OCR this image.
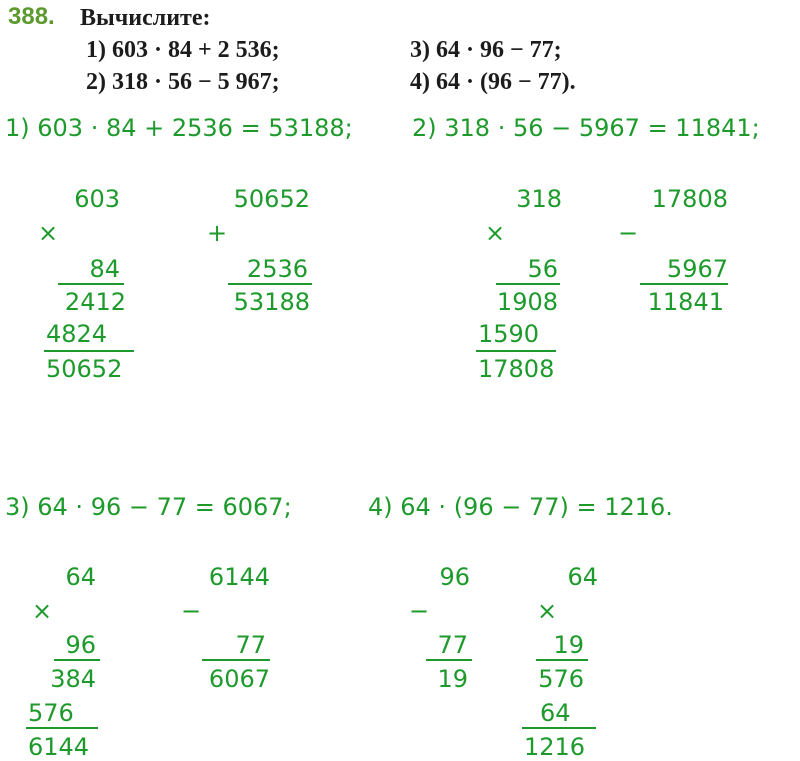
388. Вычислите:
1) 603 · 84 + 2 536;
2) 318 · 56 − 5 967;
3) 64 · 96 − 77;
4) 64 · (96 − 77).
1) 603 · 84 + 2536 = 53188; 2) 318 · 56 − 5967 = 11841;
3) 64 · 96 − 77 = 6067;	4) 64 · (96 − 77) = 1216.
603
×
84
2412
4824
50652
50652
+
2536
53188
318
×
56
1908
1590
17808
17808
−
5967
11841
64
×
96
384
576
6144
6144
−
77
6067
96
−
77
19
64
×
19
576
64
1216
